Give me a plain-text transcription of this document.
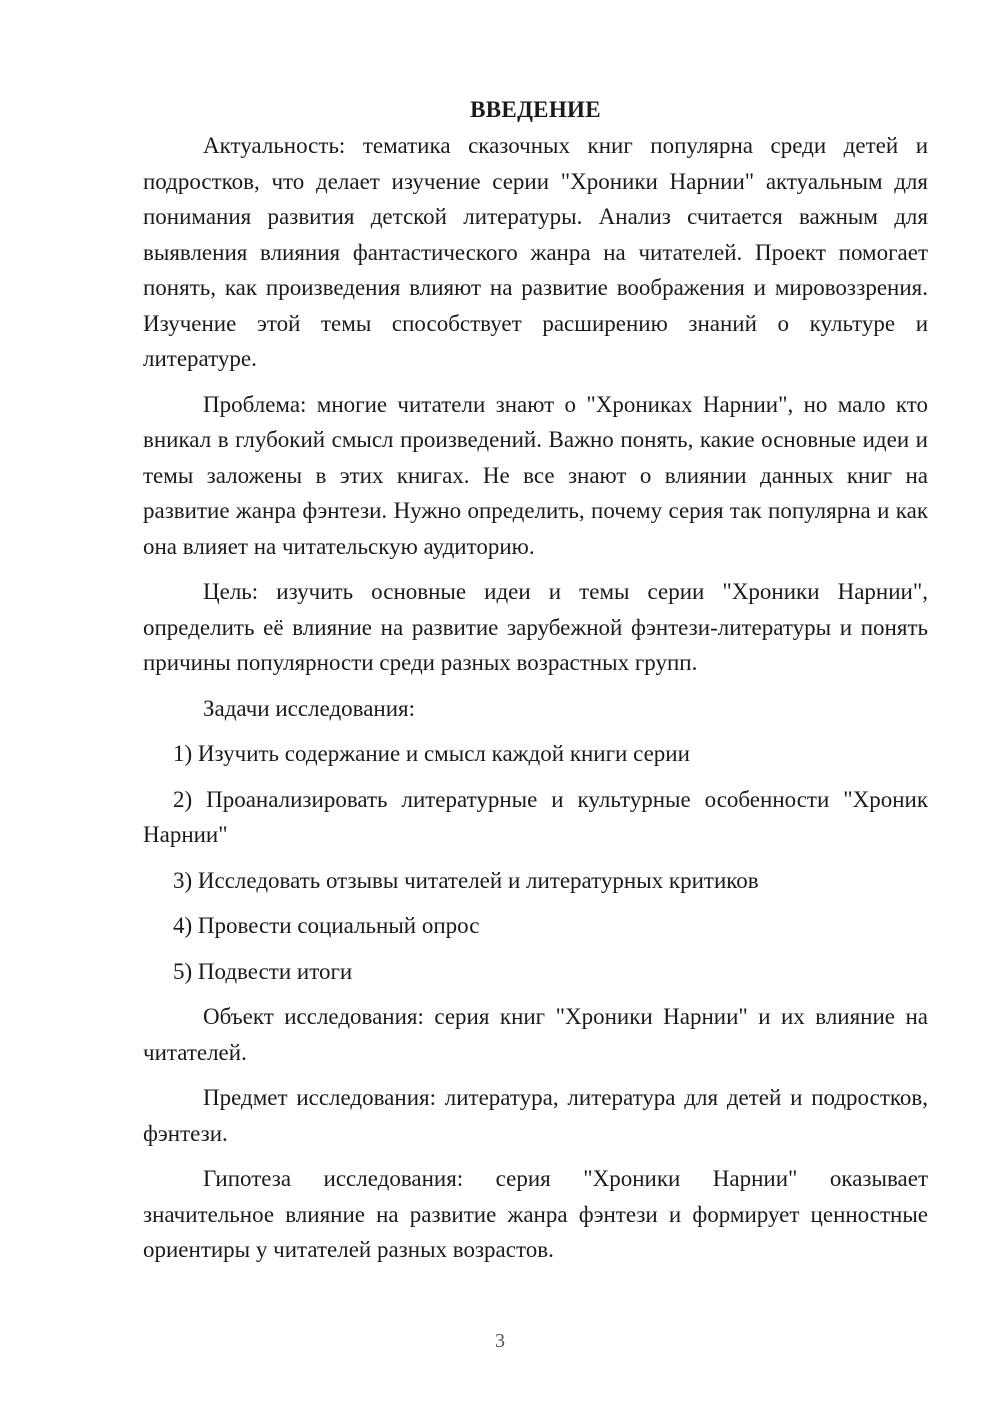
ВВЕДЕНИЕ

Актуальность: тематика сказочных книг популярна среди детей и подростков, что делает изучение серии "Хроники Нарнии" актуальным для понимания развития детской литературы. Анализ считается важным для выявления влияния фантастического жанра на читателей. Проект помогает понять, как произведения влияют на развитие воображения и мировоззрения. Изучение этой темы способствует расширению знаний о культуре и литературе.

Проблема: многие читатели знают о "Хрониках Нарнии", но мало кто вникал в глубокий смысл произведений. Важно понять, какие основные идеи и темы заложены в этих книгах. Не все знают о влиянии данных книг на развитие жанра фэнтези. Нужно определить, почему серия так популярна и как она влияет на читательскую аудиторию.

Цель: изучить основные идеи и темы серии "Хроники Нарнии", определить её влияние на развитие зарубежной фэнтези-литературы и понять причины популярности среди разных возрастных групп.

Задачи исследования:

1) Изучить содержание и смысл каждой книги серии

2) Проанализировать литературные и культурные особенности "Хроник Нарнии"

3) Исследовать отзывы читателей и литературных критиков

4) Провести социальный опрос

5) Подвести итоги

Объект исследования: серия книг "Хроники Нарнии" и их влияние на читателей.

Предмет исследования: литература, литература для детей и подростков, фэнтези.

Гипотеза исследования: серия "Хроники Нарнии" оказывает значительное влияние на развитие жанра фэнтези и формирует ценностные ориентиры у читателей разных возрастов.

3
